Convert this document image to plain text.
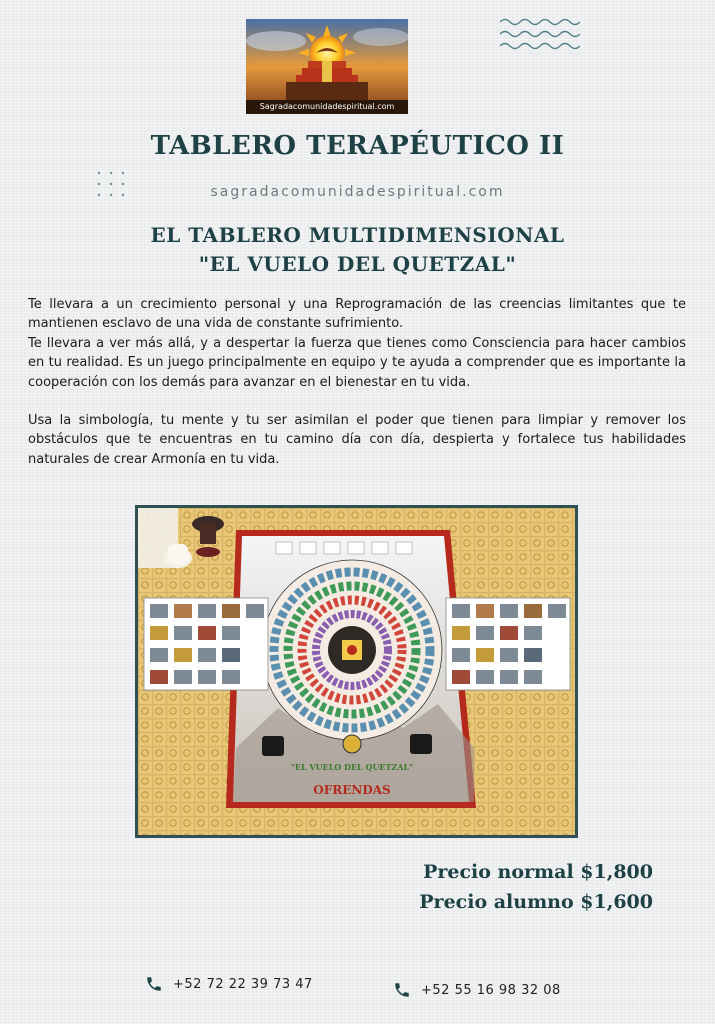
Sagradacomunidadespiritual.com
TABLERO TERAPÉUTICO II
sagradacomunidadespiritual.com
EL TABLERO MULTIDIMENSIONAL
"EL VUELO DEL QUETZAL"

Te llevara a un crecimiento personal y una Reprogramación de las creencias limitantes que te mantienen esclavo de una vida de constante sufrimiento.

Te llevara a ver más allá, y a despertar la fuerza que tienes como Consciencia para hacer cambios en tu realidad. Es un juego principalmente en equipo y te ayuda a comprender que es importante la cooperación con los demás para avanzar en el bienestar en tu vida.

Usa la simbología, tu mente y tu ser asimilan el poder que tienen para limpiar y remover los obstáculos que te encuentras en tu camino día con día, despierta y fortalece tus habilidades naturales de crear Armonía en tu vida.

"EL VUELO DEL QUETZAL"
OFRENDAS
Precio normal $1,800
Precio alumno $1,600
+52 72 22 39 73 47	+52 55 16 98 32 08
